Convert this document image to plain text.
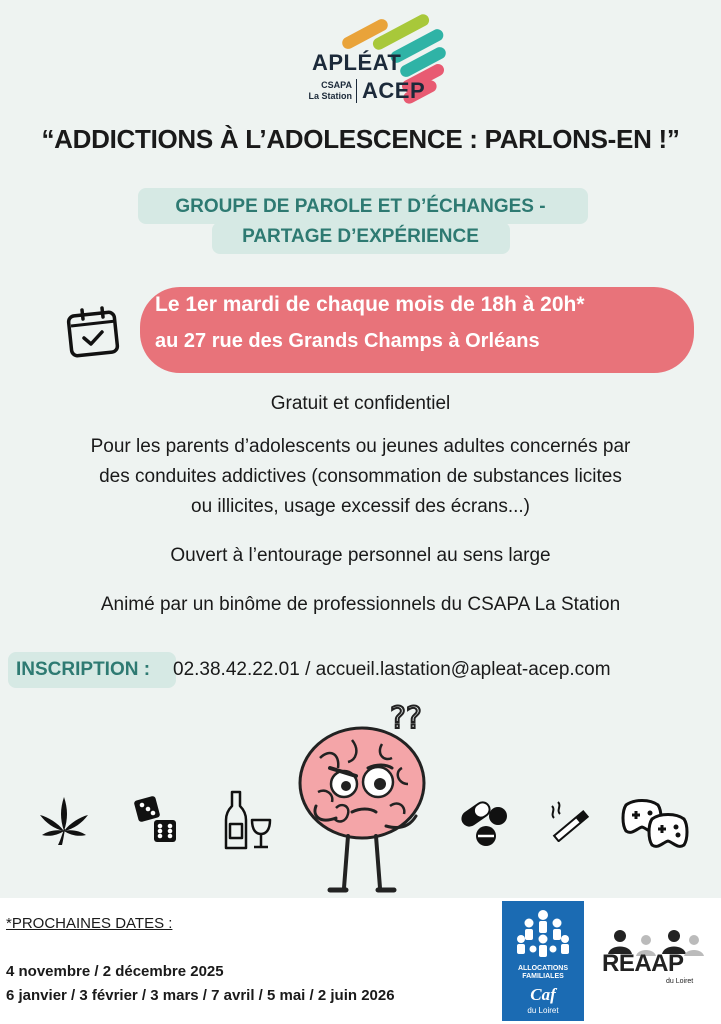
APLÉAT
CSAPA
La Station ACEP
“ADDICTIONS À L’ADOLESCENCE : PARLONS-EN !”
GROUPE DE PAROLE ET D’ÉCHANGES -
PARTAGE D’EXPÉRIENCE
Le 1er mardi de chaque mois de 18h à 20h*
au 27 rue des Grands Champs à Orléans
Gratuit et confidentiel
Pour les parents d’adolescents ou jeunes adultes concernés par
des conduites addictives (consommation de substances licites
ou illicites, usage excessif des écrans...)
Ouvert à l’entourage personnel au sens large
Animé par un binôme de professionnels du CSAPA La Station
INSCRIPTION : 02.38.42.22.01 / accueil.lastation@apleat-acep.com
??
*PROCHAINES DATES :
4 novembre / 2 décembre 2025
6 janvier / 3 février / 3 mars / 7 avril / 5 mai / 2 juin 2026
ALLOCATIONS
FAMILIALES
Caf
du Loiret
REAAP
du Loiret
